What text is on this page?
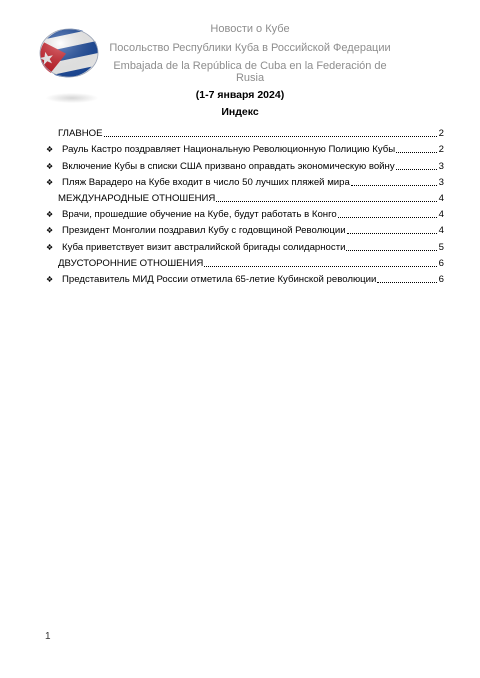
Новости о Кубе
Посольство Республики Куба в Российской Федерации
Embajada de la República de Cuba en la Federación de Rusia
(1-7 января 2024)
Индекс
ГЛАВНОЕ	2
❖ Рауль Кастро поздравляет Национальную Революционную Полицию Кубы	2
❖ Включение Кубы в списки США призвано оправдать экономическую войну	3
❖ Пляж Варадеро на Кубе входит в число 50 лучших пляжей мира	3
МЕЖДУНАРОДНЫЕ ОТНОШЕНИЯ	4
❖ Врачи, прошедшие обучение на Кубе, будут работать в Конго	4
❖ Президент Монголии поздравил Кубу с годовщиной Революции	4
❖ Куба приветствует визит австралийской бригады солидарности	5
ДВУСТОРОННИЕ ОТНОШЕНИЯ	6
❖ Представитель МИД России отметила 65-летие Кубинской революции	6
1
